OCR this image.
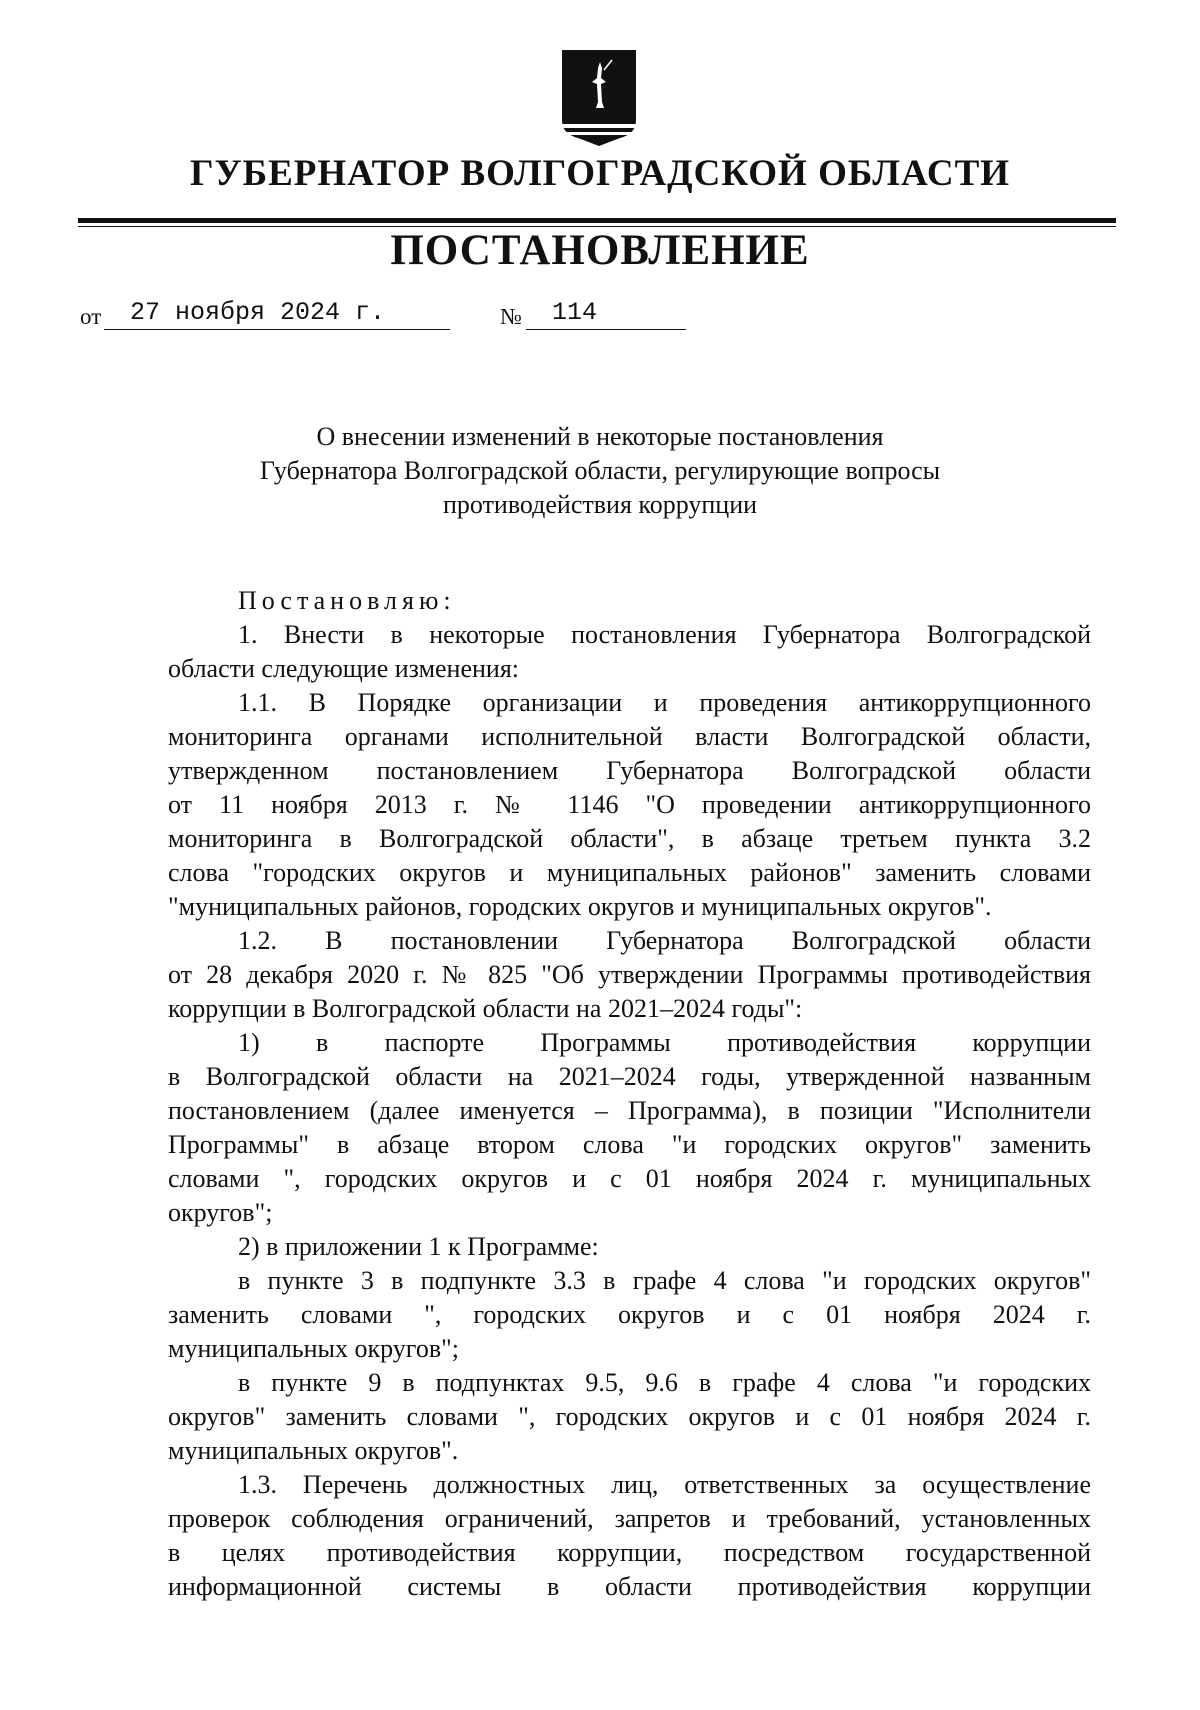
ГУБЕРНАТОР ВОЛГОГРАДСКОЙ ОБЛАСТИ
ПОСТАНОВЛЕНИЕ
от	27 ноября 2024 г.	№	114
О внесении изменений в некоторые постановления
Губернатора Волгоградской области, регулирующие вопросы
противодействия коррупции
Постановляю:
1. Внести в некоторые постановления Губернатора Волгоградской
области следующие изменения:
1.1. В Порядке организации и проведения антикоррупционного
мониторинга органами исполнительной власти Волгоградской области,
утвержденном постановлением Губернатора Волгоградской области
от 11 ноября 2013 г. № 1146 "О проведении антикоррупционного
мониторинга в Волгоградской области", в абзаце третьем пункта 3.2
слова "городских округов и муниципальных районов" заменить словами
"муниципальных районов, городских округов и муниципальных округов".
1.2. В постановлении Губернатора Волгоградской области
от 28 декабря 2020 г. № 825 "Об утверждении Программы противодействия
коррупции в Волгоградской области на 2021–2024 годы":
1) в паспорте Программы противодействия коррупции
в Волгоградской области на 2021–2024 годы, утвержденной названным
постановлением (далее именуется – Программа), в позиции "Исполнители
Программы" в абзаце втором слова "и городских округов" заменить
словами ", городских округов и с 01 ноября 2024 г. муниципальных
округов";
2) в приложении 1 к Программе:
в пункте 3 в подпункте 3.3 в графе 4 слова "и городских округов"
заменить словами ", городских округов и с 01 ноября 2024 г.
муниципальных округов";
в пункте 9 в подпунктах 9.5, 9.6 в графе 4 слова "и городских
округов" заменить словами ", городских округов и с 01 ноября 2024 г.
муниципальных округов".
1.3. Перечень должностных лиц, ответственных за осуществление
проверок соблюдения ограничений, запретов и требований, установленных
в целях противодействия коррупции, посредством государственной
информационной системы в области противодействия коррупции
